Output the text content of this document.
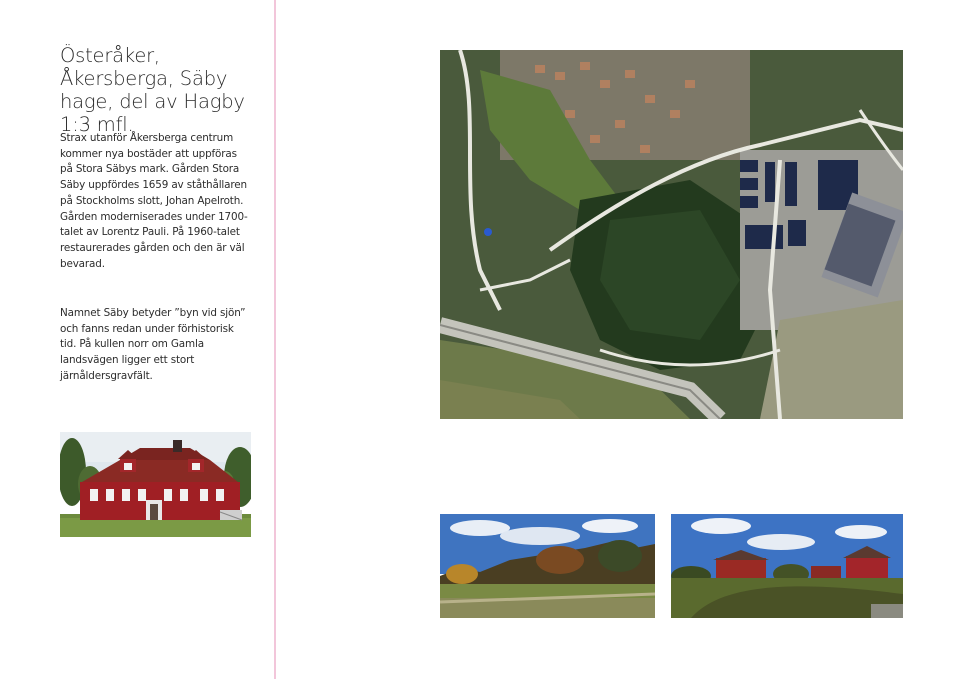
Österåker, Åkersberga, Säby hage, del av Hagby 1:3 mfl.
Strax utanför Åkersberga centrum kommer nya bostäder att uppföras på Stora Säbys mark. Gården Stora Säby uppfördes 1659 av ståthållaren på Stockholms slott, Johan Apelroth. Gården moderniserades under 1700-talet av Lorentz Pauli. På 1960-talet restaurerades gården och den är väl bevarad.
Namnet Säby betyder ”byn vid sjön” och fanns redan under förhistorisk tid. På kullen norr om Gamla landsvägen ligger ett stort järnåldersgravfält.
